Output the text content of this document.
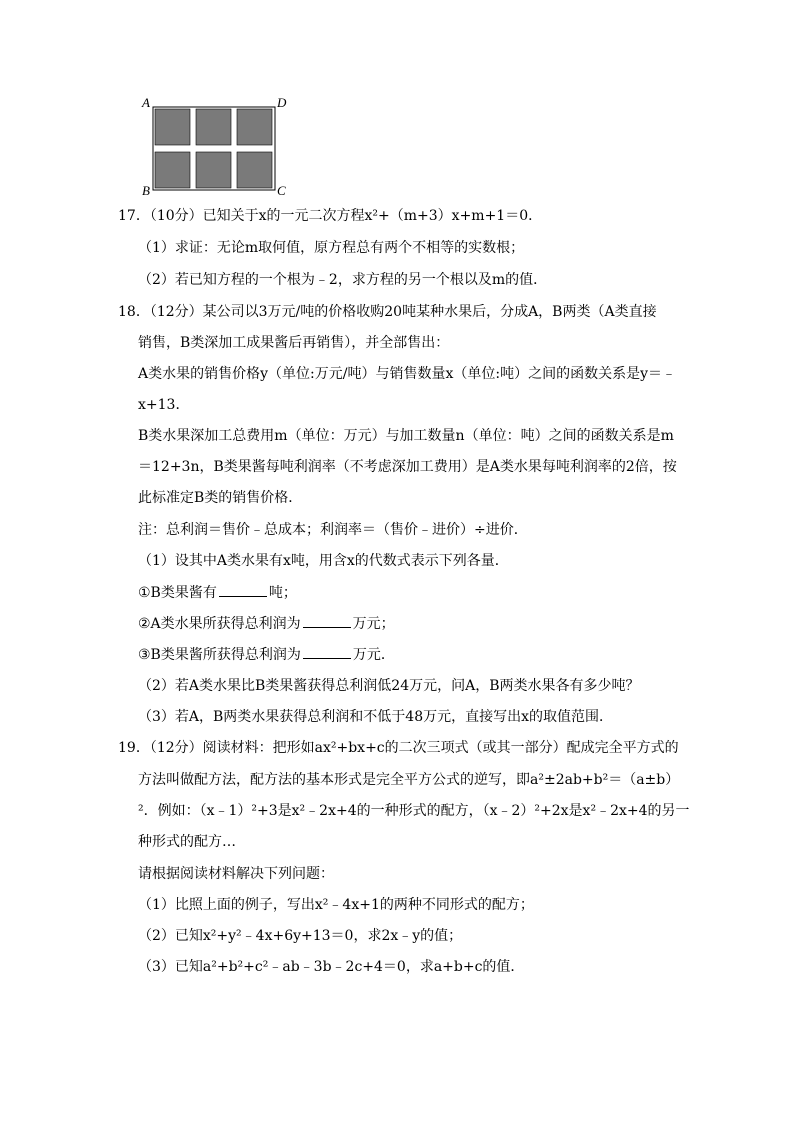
A	D
B	C
17．（10分）已知关于x的一元二次方程x²+（m+3）x+m+1＝0．
（1）求证：无论m取何值，原方程总有两个不相等的实数根；
（2）若已知方程的一个根为﹣2，求方程的另一个根以及m的值．
18．（12分）某公司以3万元/吨的价格收购20吨某种水果后，分成A，B两类（A类直接
销售，B类深加工成果酱后再销售），并全部售出：
A类水果的销售价格y（单位:万元/吨）与销售数量x（单位:吨）之间的函数关系是y＝﹣
x+13．
B类水果深加工总费用m（单位：万元）与加工数量n（单位：吨）之间的函数关系是m
＝12+3n，B类果酱每吨利润率（不考虑深加工费用）是A类水果每吨利润率的2倍，按
此标准定B类的销售价格．
注：总利润＝售价﹣总成本；利润率＝（售价﹣进价）÷进价．
（1）设其中A类水果有x吨，用含x的代数式表示下列各量．
①B类果酱有	吨；
②A类水果所获得总利润为	万元；
③B类果酱所获得总利润为	万元．
（2）若A类水果比B类果酱获得总利润低24万元，问A，B两类水果各有多少吨？
（3）若A，B两类水果获得总利润和不低于48万元，直接写出x的取值范围．
19．（12分）阅读材料：把形如ax²+bx+c的二次三项式（或其一部分）配成完全平方式的
方法叫做配方法，配方法的基本形式是完全平方公式的逆写，即a²±2ab+b²＝（a±b）
²．例如：（x﹣1）²+3是x²﹣2x+4的一种形式的配方，（x﹣2）²+2x是x²﹣2x+4的另一
种形式的配方…
请根据阅读材料解决下列问题：
（1）比照上面的例子，写出x²﹣4x+1的两种不同形式的配方；
（2）已知x²+y²﹣4x+6y+13＝0，求2x﹣y的值；
（3）已知a²+b²+c²﹣ab﹣3b﹣2c+4＝0，求a+b+c的值．
